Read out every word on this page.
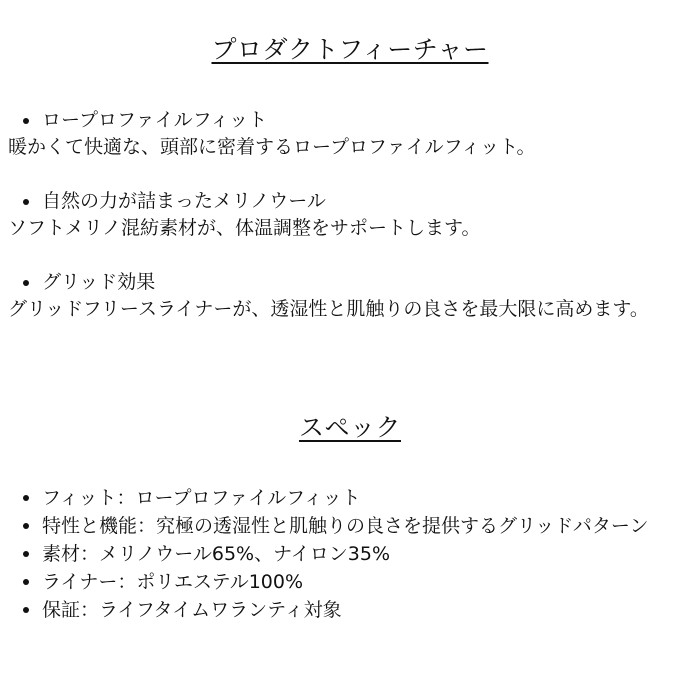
プロダクトフィーチャー
ロープロファイルフィット
暖かくて快適な、頭部に密着するロープロファイルフィット。
自然の力が詰まったメリノウール
ソフトメリノ混紡素材が、体温調整をサポートします。
グリッド効果
グリッドフリースライナーが、透湿性と肌触りの良さを最大限に高めます。
スペック
フィット：ロープロファイルフィット
特性と機能：究極の透湿性と肌触りの良さを提供するグリッドパターン
素材：メリノウール65%、ナイロン35%
ライナー：ポリエステル100%
保証：ライフタイムワランティ対象
